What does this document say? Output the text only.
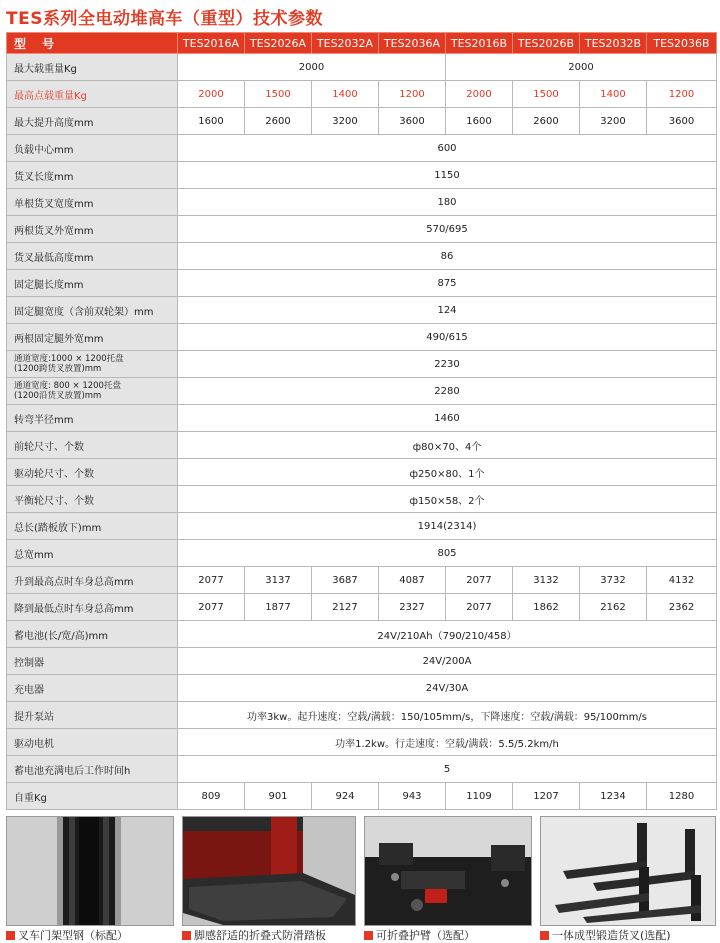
TES系列全电动堆高车（重型）技术参数
型 号	TES2016A	TES2026A	TES2032A	TES2036A	TES2016B	TES2026B	TES2032B	TES2036B
最大载重量Kg	2000				2000			
最高点载重量Kg	2000	1500	1400	1200	2000	1500	1400	1200
最大提升高度mm	1600	2600	3200	3600	1600	2600	3200	3600
负载中心mm	600							
货叉长度mm	1150							
单根货叉宽度mm	180							
两根货叉外宽mm	570/695							
货叉最低高度mm	86							
固定腿长度mm	875							
固定腿宽度（含前双轮架）mm	124							
两根固定腿外宽mm	490/615							
通道宽度:1000 × 1200托盘
(1200跨货叉放置)mm	2230							
通道宽度: 800 × 1200托盘
(1200沿货叉放置)mm	2280							
转弯半径mm	1460							
前轮尺寸、个数	ф80×70、4个							
驱动轮尺寸、个数	ф250×80、1个							
平衡轮尺寸、个数	ф150×58、2个							
总长(踏板放下)mm	1914(2314)							
总宽mm	805							
升到最高点时车身总高mm	2077	3137	3687	4087	2077	3132	3732	4132
降到最低点时车身总高mm	2077	1877	2127	2327	2077	1862	2162	2362
蓄电池(长/宽/高)mm	24V/210Ah（790/210/458）							
控制器	24V/200A							
充电器	24V/30A							
提升泵站	功率3kw。起升速度：空载/满载：150/105mm/s，下降速度：空载/满载：95/100mm/s							
驱动电机	功率1.2kw。行走速度：空载/满载：5.5/5.2km/h							
蓄电池充满电后工作时间h	5							
自重Kg	809	901	924	943	1109	1207	1234	1280
叉车门架型钢（标配）	脚感舒适的折叠式防滑踏板	可折叠护臂（选配）	一体成型锻造货叉(选配)
